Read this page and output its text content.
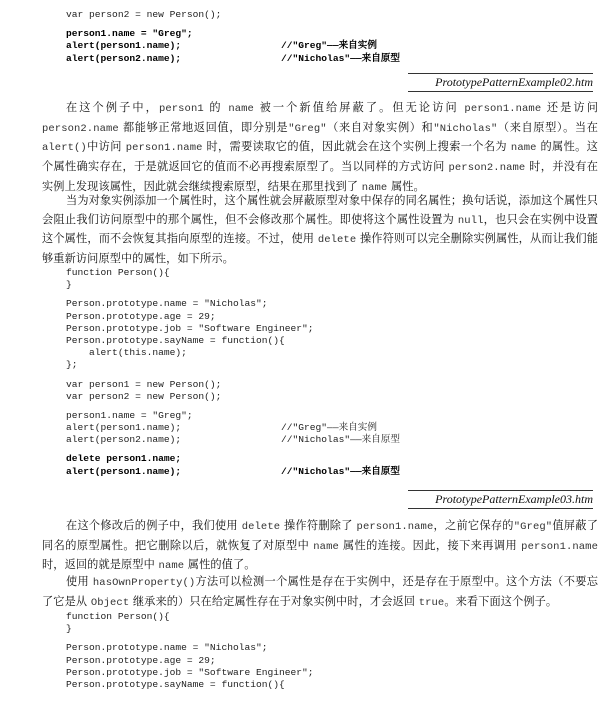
var person2 = new Person();
person1.name = "Greg";
alert(person1.name);	//"Greg"——来自实例
alert(person2.name);	//"Nicholas"——来自原型
PrototypePatternExample02.htm
在这个例子中，person1 的 name 被一个新值给屏蔽了。但无论访问 person1.name 还是访问 person2.name 都能够正常地返回值，即分别是"Greg"（来自对象实例）和"Nicholas"（来自原型）。当在 alert()中访问 person1.name 时，需要读取它的值，因此就会在这个实例上搜索一个名为 name 的属性。这个属性确实存在，于是就返回它的值而不必再搜索原型了。当以同样的方式访问 person2.name 时，并没有在实例上发现该属性，因此就会继续搜索原型，结果在那里找到了 name 属性。
当为对象实例添加一个属性时，这个属性就会屏蔽原型对象中保存的同名属性；换句话说，添加这个属性只会阻止我们访问原型中的那个属性，但不会修改那个属性。即使将这个属性设置为 null，也只会在实例中设置这个属性，而不会恢复其指向原型的连接。不过，使用 delete 操作符则可以完全删除实例属性，从而让我们能够重新访问原型中的属性，如下所示。
function Person(){
}
Person.prototype.name = "Nicholas";
Person.prototype.age = 29;
Person.prototype.job = "Software Engineer";
Person.prototype.sayName = function(){
alert(this.name);
};
var person1 = new Person();
var person2 = new Person();
person1.name = "Greg";
alert(person1.name);	//"Greg"——来自实例
alert(person2.name);	//"Nicholas"——来自原型
delete person1.name;
alert(person1.name);	//"Nicholas"——来自原型
PrototypePatternExample03.htm
在这个修改后的例子中，我们使用 delete 操作符删除了 person1.name，之前它保存的"Greg"值屏蔽了同名的原型属性。把它删除以后，就恢复了对原型中 name 属性的连接。因此，接下来再调用 person1.name 时，返回的就是原型中 name 属性的值了。
使用 hasOwnProperty()方法可以检测一个属性是存在于实例中，还是存在于原型中。这个方法（不要忘了它是从 Object 继承来的）只在给定属性存在于对象实例中时，才会返回 true。来看下面这个例子。
function Person(){
}
Person.prototype.name = "Nicholas";
Person.prototype.age = 29;
Person.prototype.job = "Software Engineer";
Person.prototype.sayName = function(){
